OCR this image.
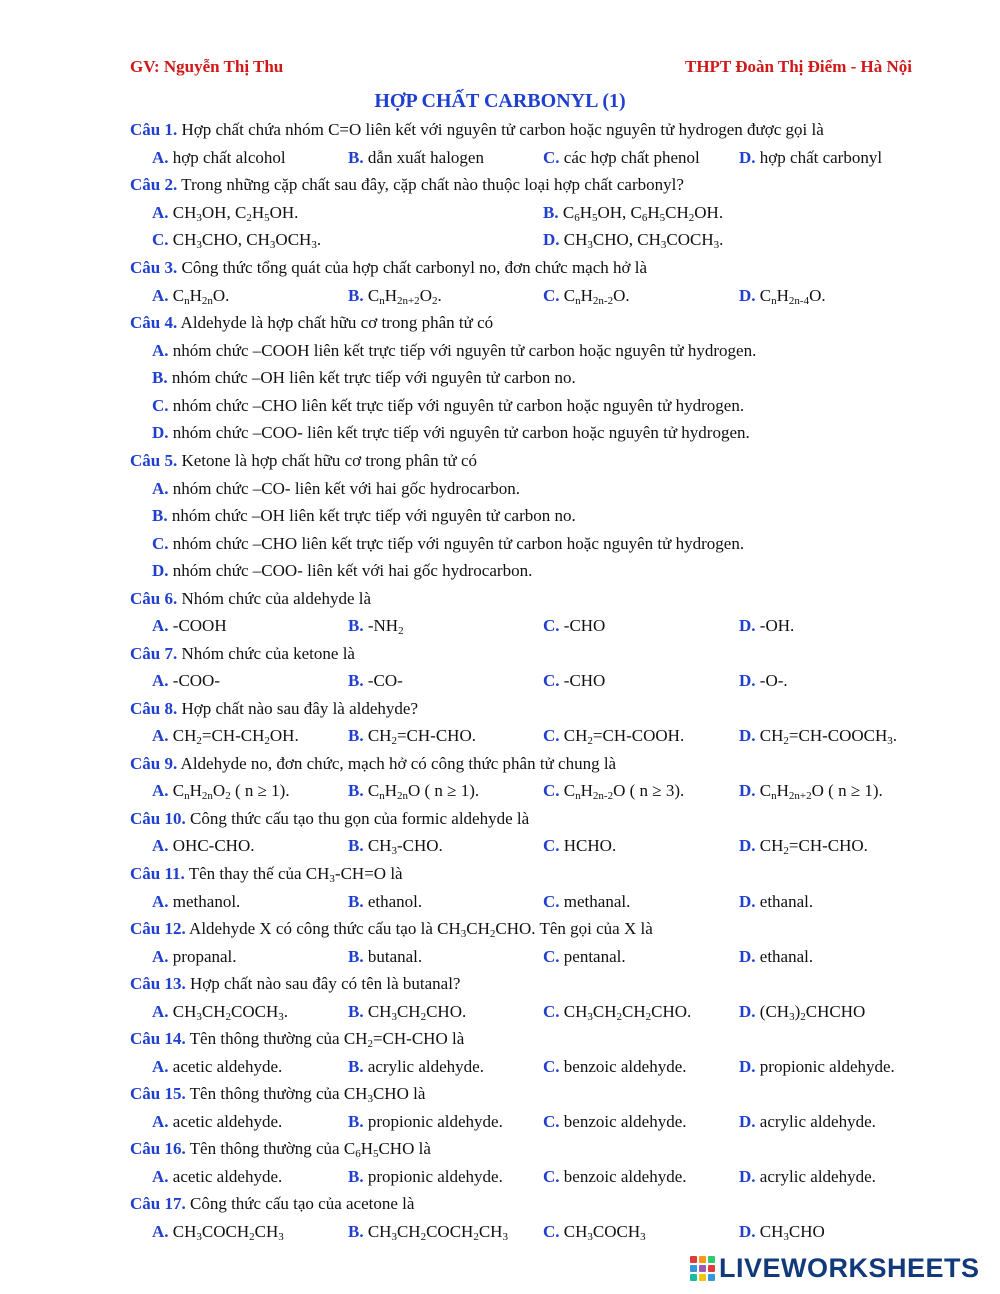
GV: Nguyễn Thị Thu	THPT Đoàn Thị Điểm - Hà Nội
HỢP CHẤT CARBONYL (1)
Câu 1. Hợp chất chứa nhóm C=O liên kết với nguyên tử carbon hoặc nguyên tử hydrogen được gọi là
A. hợp chất alcohol	B. dẫn xuất halogen	C. các hợp chất phenol D. hợp chất carbonyl
Câu 2. Trong những cặp chất sau đây, cặp chất nào thuộc loại hợp chất carbonyl?
A. $CH_3OH$, $C_2H_5OH$.	B. $C_6H_5OH$, $C_6H_5CH_2OH$.
C. $CH_3CHO$, $CH_3OCH_3$.	D. $CH_3CHO$, $CH_3COCH_3$.
Câu 3. Công thức tổng quát của hợp chất carbonyl no, đơn chức mạch hở là
A. $C_nH_{2n}O$.	B. $C_nH_{2n+2}O_2$.	C. $C_nH_{2n-2}O$.	D. $C_nH_{2n-4}O$.
Câu 4. Aldehyde là hợp chất hữu cơ trong phân tử có
A. nhóm chức –COOH liên kết trực tiếp với nguyên tử carbon hoặc nguyên tử hydrogen.
B. nhóm chức –OH liên kết trực tiếp với nguyên tử carbon no.
C. nhóm chức –CHO liên kết trực tiếp với nguyên tử carbon hoặc nguyên tử hydrogen.
D. nhóm chức –COO- liên kết trực tiếp với nguyên tử carbon hoặc nguyên tử hydrogen.
Câu 5. Ketone là hợp chất hữu cơ trong phân tử có
A. nhóm chức –CO- liên kết với hai gốc hydrocarbon.
B. nhóm chức –OH liên kết trực tiếp với nguyên tử carbon no.
C. nhóm chức –CHO liên kết trực tiếp với nguyên tử carbon hoặc nguyên tử hydrogen.
D. nhóm chức –COO- liên kết với hai gốc hydrocarbon.
Câu 6. Nhóm chức của aldehyde là
A. -COOH	B. $-NH_2$	C. -CHO	D. -OH.
Câu 7. Nhóm chức của ketone là
A. -COO-	B. -CO-	C. -CHO	D. -O-.
Câu 8. Hợp chất nào sau đây là aldehyde?
A. $CH_2=CH-CH_2OH$.	B. $CH_2=CH$-CHO.	C. $CH_2=CH$-COOH.	D. $CH_2=CH-COOCH_3$.
Câu 9. Aldehyde no, đơn chức, mạch hở có công thức phân tử chung là
A. $C_nH_{2n}O_2$ ( n ≥ 1).	B. $C_nH_{2n}O$ ( n ≥ 1).	C. $C_nH_{2n-2}O$ ( n ≥ 3).	D. $C_nH_{2n+2}O$ ( n ≥ 1).
Câu 10. Công thức cấu tạo thu gọn của formic aldehyde là
A. OHC-CHO.	B. $CH_3$-CHO.	C. HCHO.	D. $CH_2=CH$-CHO.
Câu 11. Tên thay thế của $CH_3-CH=O$ là
A. methanol.	B. ethanol.	C. methanal.	D. ethanal.
Câu 12. Aldehyde X có công thức cấu tạo là $CH_3CH_2CHO$. Tên gọi của X là
A. propanal.	B. butanal.	C. pentanal.	D. ethanal.
Câu 13. Hợp chất nào sau đây có tên là butanal?
A. $CH_3CH_2COCH_3$.	B. $CH_3CH_2CHO$.	C. $CH_3CH_2CH_2CHO$.	D. $(CH_3)_2CHCHO$
Câu 14. Tên thông thường của $CH_2=CH$-CHO là
A. acetic aldehyde.	B. acrylic aldehyde.	C. benzoic aldehyde.	D. propionic aldehyde.
Câu 15. Tên thông thường của $CH_3CHO$ là
A. acetic aldehyde.	B. propionic aldehyde. C. benzoic aldehyde.	D. acrylic aldehyde.
Câu 16. Tên thông thường của $C_6H_5CHO$ là
A. acetic aldehyde.	B. propionic aldehyde. C. benzoic aldehyde.	D. acrylic aldehyde.
Câu 17. Công thức cấu tạo của acetone là
A. $CH_3COCH_2CH_3$	B. $CH_3CH_2COCH_2CH_3$ C. $CH_3COCH_3$	D. $CH_3CHO$
LIVEWORKSHEETS
